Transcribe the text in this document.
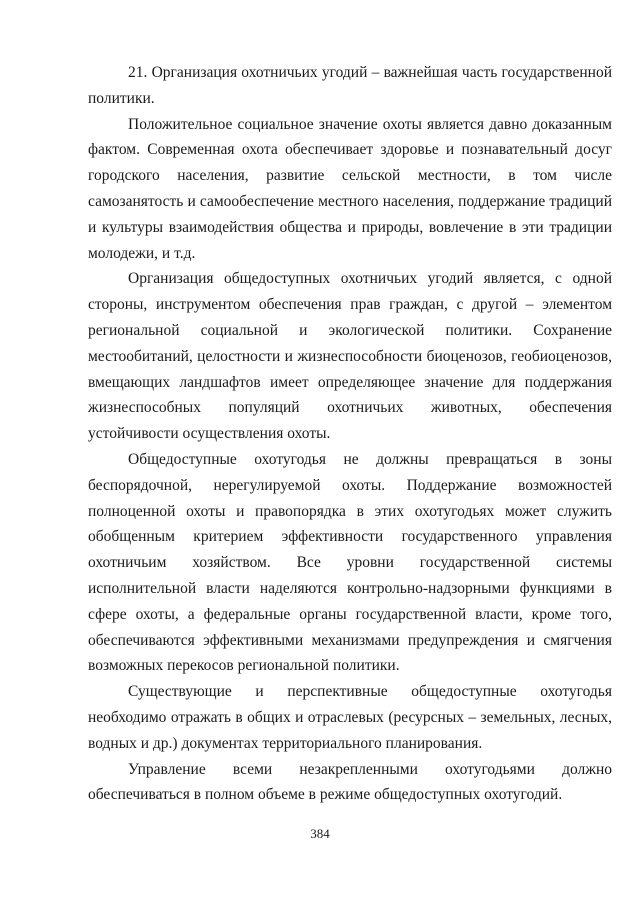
21. Организация охотничьих угодий – важнейшая часть государственной политики.

Положительное социальное значение охоты является давно доказанным фактом. Современная охота обеспечивает здоровье и познавательный досуг городского населения, развитие сельской местности, в том числе самозанятость и самообеспечение местного населения, поддержание традиций и культуры взаимодействия общества и природы, вовлечение в эти традиции молодежи, и т.д.

Организация общедоступных охотничьих угодий является, с одной стороны, инструментом обеспечения прав граждан, с другой – элементом региональной социальной и экологической политики. Сохранение местообитаний, целостности и жизнеспособности биоценозов, геобиоценозов, вмещающих ландшафтов имеет определяющее значение для поддержания жизнеспособных популяций охотничьих животных, обеспечения устойчивости осуществления охоты.

Общедоступные охотугодья не должны превращаться в зоны беспорядочной, нерегулируемой охоты. Поддержание возможностей полноценной охоты и правопорядка в этих охотугодьях может служить обобщенным критерием эффективности государственного управления охотничьим хозяйством. Все уровни государственной системы исполнительной власти наделяются контрольно-надзорными функциями в сфере охоты, а федеральные органы государственной власти, кроме того, обеспечиваются эффективными механизмами предупреждения и смягчения возможных перекосов региональной политики.

Существующие и перспективные общедоступные охотугодья необходимо отражать в общих и отраслевых (ресурсных – земельных, лесных, водных и др.) документах территориального планирования.

Управление всеми незакрепленными охотугодьями должно обеспечиваться в полном объеме в режиме общедоступных охотугодий.

384
